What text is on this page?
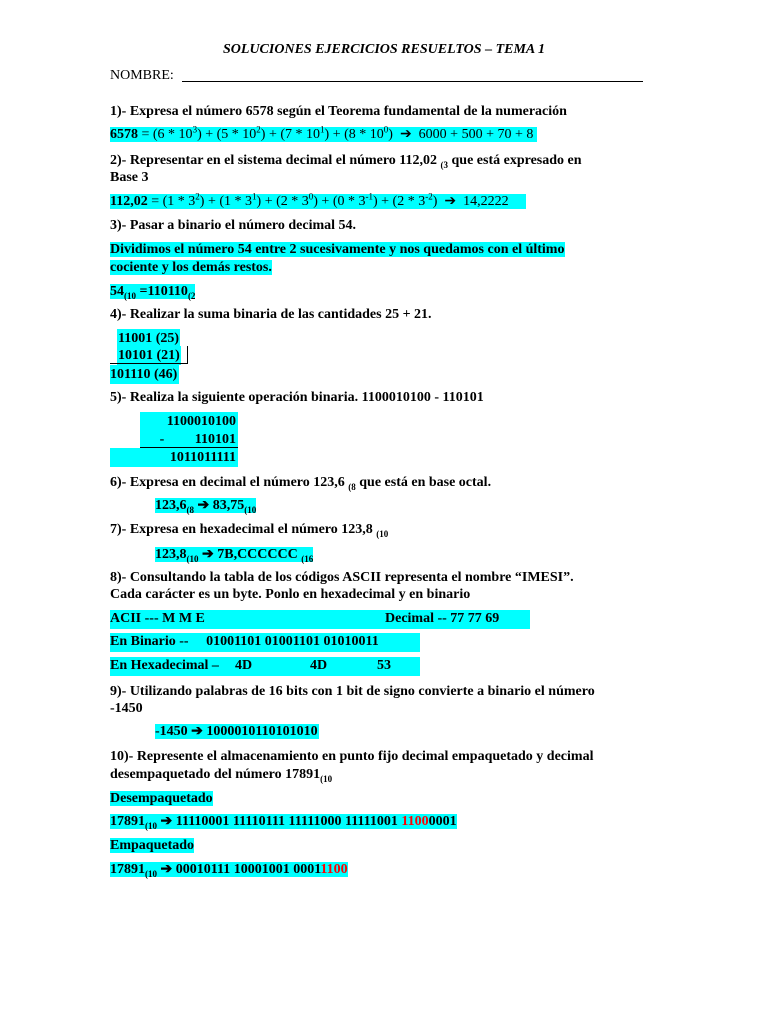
SOLUCIONES EJERCICIOS RESUELTOS – TEMA 1
NOMBRE:
1)- Expresa el número 6578 según el Teorema fundamental de la numeración
$6578 = (6 * 10^3) + (5 * 10^2) + (7 * 10^1) + (8 * 10^0)$ ➔ 6000 + 500 + 70 + 8
2)- Representar en el sistema decimal el número 112,02 $_{(3}$ que está expresado en
Base 3
$112,02 = (1 * 3^2) + (1 * 3^1) + (2 * 3^0) + (0 * 3^{-1}) + (2 * 3^{-2})$ ➔ 14,2222
3)- Pasar a binario el número decimal 54.
Dividimos el número 54 entre 2 sucesivamente y nos quedamos con el último
cociente y los demás restos.
$54_{(10} =110110_{(2}$
4)- Realizar la suma binaria de las cantidades 25 + 21.
11001 (25)
10101 (21)
101110 (46)
5)- Realiza la siguiente operación binaria. 1100010100 - 110101
1100010100
- 110101
1011011111
6)- Expresa en decimal el número 123,6 $_{(8}$ que está en base octal.
$123,6_{(8}$ ➔ $83,75_{(10}$
7)- Expresa en hexadecimal el número 123,8 $_{(10}$
$123,8_{(10}$ ➔ 7B,CCCCCC $_{(16}$
8)- Consultando la tabla de los códigos ASCII representa el nombre “IMESI”.
Cada carácter es un byte. Ponlo en hexadecimal y en binario
ACII --- M M E	Decimal -- 77 77 69
En Binario -- 01001101 01001101 01010011
En Hexadecimal – 4D	4D	53
9)- Utilizando palabras de 16 bits con 1 bit de signo convierte a binario el número
-1450
-1450 ➔ 1000010110101010
10)- Represente el almacenamiento en punto fijo decimal empaquetado y decimal
desempaquetado del número $17891_{(10}$
Desempaquetado
$17891_{(10}$ ➔ 11110001 11110111 11111000 11111001 11000001
Empaquetado
$17891_{(10}$ ➔ 00010111 10001001 00011100
